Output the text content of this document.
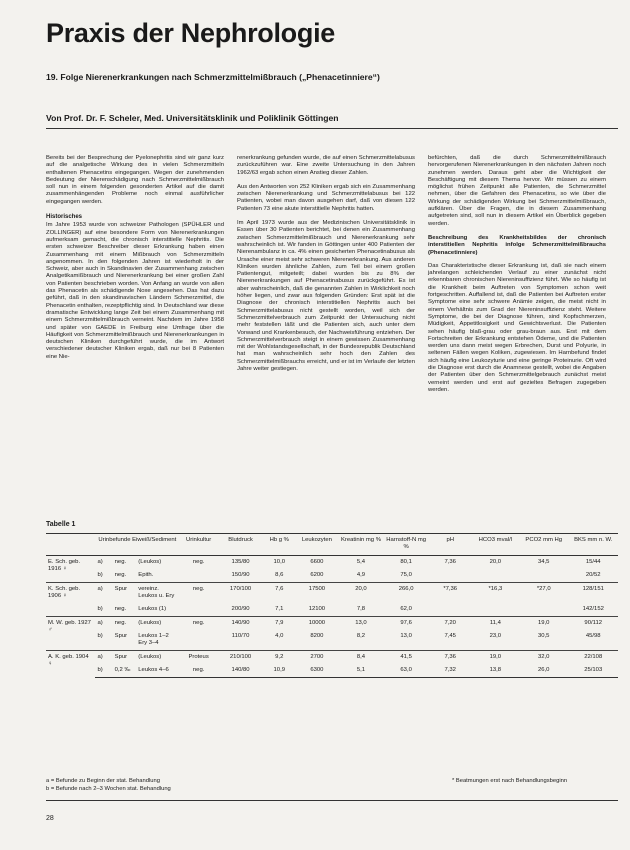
Praxis der Nephrologie
19. Folge Nierenerkrankungen nach Schmerzmittelmißbrauch („Phenacetinniere“)
Von Prof. Dr. F. Scheler, Med. Universitätsklinik und Poliklinik Göttingen

Bereits bei der Besprechung der Pyelonephritis sind wir ganz kurz auf die analgetische Wirkung des in vielen Schmerzmitteln enthaltenen Phenacetins eingegangen. Wegen der zunehmenden Bedeutung der Nierenschädigung nach Schmerzmittelmißbrauch soll nun in einem folgenden gesonderten Artikel auf die damit zusammenhängenden Probleme noch einmal ausführlicher eingegangen werden.

Historisches

Im Jahre 1953 wurde von schweizer Pathologen (SPÜHLER und ZOLLINGER) auf eine besondere Form von Nierenerkrankungen aufmerksam gemacht, die chronisch interstitielle Nephritis. Die ersten schweizer Beschreiber dieser Erkrankung haben einen Zusammenhang mit einem Mißbrauch von Schmerzmitteln angenommen. In den folgenden Jahren ist wiederholt in der Schweiz, aber auch in Skandinavien der Zusammenhang zwischen Analgetikamißbrauch und Nierenerkrankung bei einer großen Zahl von Patienten beschrieben worden. Von Anfang an wurde von allen das Phenacetin als schädigende Noxe angesehen. Das hat dazu geführt, daß in den skandinavischen Ländern Schmerzmittel, die Phenacetin enthalten, rezeptpflichtig sind. In Deutschland war diese dramatische Entwicklung lange Zeit bei einem Zusammenhang mit einem Schmerzmittelmißbrauch verneint. Nachdem im Jahre 1958 und später von GAEDE in Freiburg eine Umfrage über die Häufigkeit von Schmerzmittelmißbrauch und Nierenerkrankungen in deutschen Kliniken durchgeführt wurde, die im Antwort verschiedener deutscher Kliniken ergab, daß nur bei 8 Patienten eine Nie-

renerkrankung gefunden wurde, die auf einen Schmerzmittelabusus zurückzuführen war. Eine zweite Untersuchung in den Jahren 1962/63 ergab schon einen Anstieg dieser Zahlen.

Aus den Antworten von 252 Kliniken ergab sich ein Zusammenhang zwischen Nierenerkrankung und Schmerzmittelabusus bei 122 Patienten, wobei man davon ausgehen darf, daß von diesen 122 Patienten 73 eine akute interstitielle Nephritis hatten.

Im April 1973 wurde aus der Medizinischen Universitätsklinik in Essen über 30 Patienten berichtet, bei denen ein Zusammenhang zwischen Schmerzmittelmißbrauch und Nierenerkrankung sehr wahrscheinlich ist. Wir fanden in Göttingen unter 400 Patienten der Nierenambulanz in ca. 4% einen gesicherten Phenacetinabusus als Ursache einer meist sehr schweren Nierenerkrankung. Aus anderen Kliniken wurden ähnliche Zahlen, zum Teil bei einem großen Patientengut, mitgeteilt; dabei wurden bis zu 8% der Nierenerkrankungen auf Phenacetinabusus zurückgeführt. Es ist aber wahrscheinlich, daß die genannten Zahlen in Wirklichkeit noch höher liegen, und zwar aus folgenden Gründen: Erst spät ist die Diagnose der chronisch interstitiellen Nephritis auch bei Schmerzmittelabusus nicht gestellt worden, weil sich der Schmerzmittelverbrauch zum Zeitpunkt der Untersuchung nicht mehr feststellen läßt und die Patienten sich, auch unter dem Vorwand und Krankenbesuch, der Nachweisführung entziehen. Der Schmerzmittelverbrauch steigt in einem gewissen Zusammenhang mit der Wohlstandsgesellschaft, in der Bundesrepublik Deutschland hat man wahrscheinlich sehr hoch den Zahlen des Schmerzmittelmißbrauchs erreicht, und er ist im Verlaufe der letzten Jahre weiter gestiegen.

befürchten, daß die durch Schmerzmittelmißbrauch hervorgerufenen Nierenerkrankungen in den nächsten Jahren noch zunehmen werden. Daraus geht aber die Wichtigkeit der Beschäftigung mit diesem Thema hervor. Wir müssen zu einem möglichst frühen Zeitpunkt alle Patienten, die Schmerzmittel nehmen, über die Gefahren des Phenacetins, so wie über die Wirkung der schädigenden Wirkung bei Schmerzmittelmißbrauch, aufklären. Über die Fragen, die in diesem Zusammenhang aufgetreten sind, soll nun in diesem Artikel ein Überblick gegeben werden.

Beschreibung des Krankheitsbildes der chronisch interstitiellen Nephritis infolge Schmerzmittelmißbrauchs (Phenacetinniere)

Das Charakteristische dieser Erkrankung ist, daß sie nach einem jahrelangen schleichenden Verlauf zu einer zunächst nicht erkennbaren chronischen Niereninsuffizienz führt. Wie so häufig ist die Krankheit beim Auftreten von Symptomen schon weit fortgeschritten. Auffallend ist, daß die Patienten bei Auftreten erster Symptome eine sehr schwere Anämie zeigen, die meist nicht in einem Verhältnis zum Grad der Niereninsuffizienz steht. Weitere Symptome, die bei der Diagnose führen, sind Kopfschmerzen, Müdigkeit, Appetitlosigkeit und Gewichtsverlust. Die Patienten sehen häufig blaß-grau oder grau-braun aus. Erst mit dem Fortschreiten der Erkrankung entstehen Ödeme, und die Patienten werden uns dann meist wegen Erbrechen, Durst und Polyurie, in seltenen Fällen wegen Koliken, zugewiesen. Im Harnbefund findet sich häufig eine Leukozyturie und eine geringe Proteinurie. Oft wird die Diagnose erst durch die Anamnese gestellt, wobei die Angaben der Patienten über den Schmerzmittelgebrauch zunächst meist verneint werden und erst auf gezieltes Befragen zugegeben werden.

Tabelle 1
	Urinbefunde Eiweiß/Sediment			Urinkultur	Blutdruck	Hb g %	Leukozyten	Kreatinin mg %	Harnstoff-N mg %	pH	HCO3 mval/l	PCO2 mm Hg	BKS mm n. W.
E. Sch. geb. 1916 ♀	a)	neg.	(Leukos)	neg.	135/80	10,0	6600	5,4	80,1	7,36	20,0	34,5	15/44
	b)	neg.	Epith.		150/90	8,6	6200	4,9	75,0				20/52
K. Sch. geb. 1906 ♀	a)	Spur	vereinz. Leukos u. Ery	neg.	170/100	7,6	17500	20,0	266,0	*7,36	*16,3	*27,0	128/151
	b)	neg.	Leukos (1)		200/90	7,1	12100	7,8	62,0				142/152
M. W. geb. 1927 ♂	a)	neg.	(Leukos)	neg.	140/90	7,9	10000	13,0	97,6	7,20	11,4	19,0	90/112
	b)	Spur	Leukos 1–2 Ery 3–4		110/70	4,0	8200	8,2	13,0	7,45	23,0	30,5	45/98
A. K. geb. 1904 ♀	a)	Spur	(Leukos)	Proteus	210/100	9,2	2700	8,4	41,5	7,36	19,0	32,0	22/108
	b)	0,2 ‰	Leukos 4–6	neg.	140/80	10,9	6300	5,1	63,0	7,32	13,8	26,0	25/103
a = Befunde zu Beginn der stat. Behandlung
b = Befunde nach 2–3 Wochen stat. Behandlung
* Beatmungen erst nach Behandlungsbeginn
28
